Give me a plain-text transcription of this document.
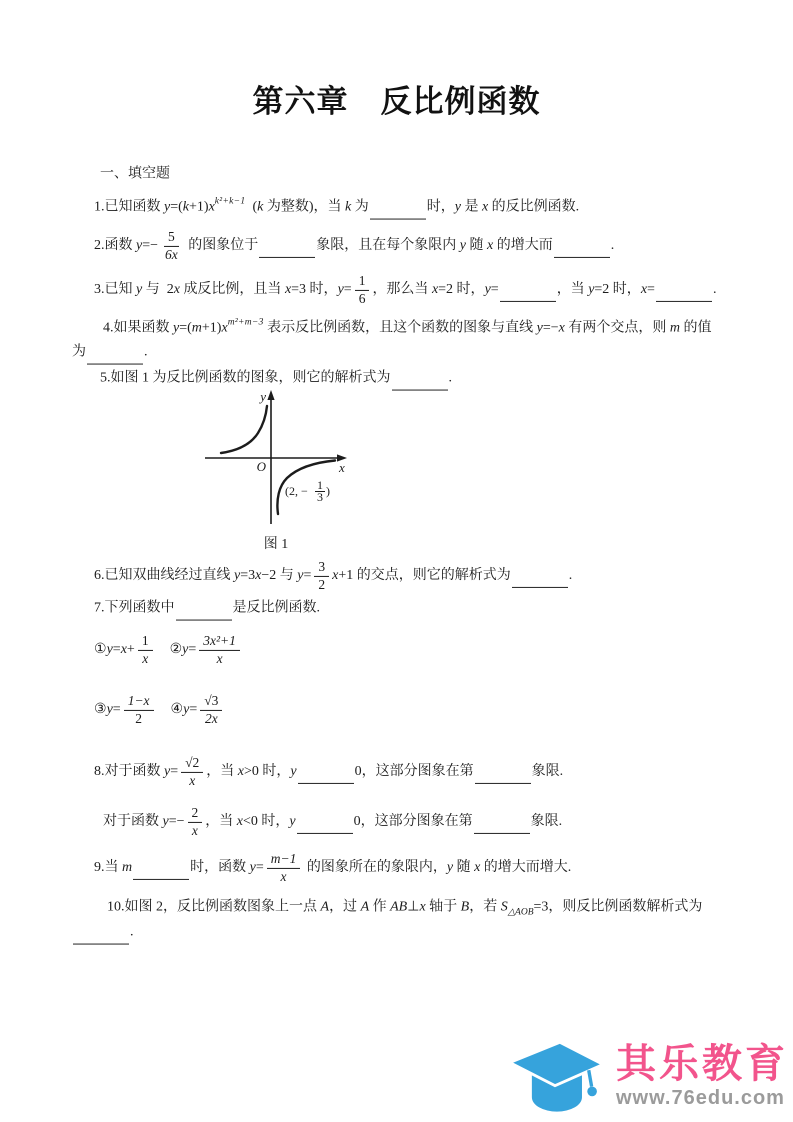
第六章　反比例函数
一、填空题
1.已知函数 y =( k +1) x k²+k−1 ( k 为整数)，当 k 为	时， y 是 x 的反比例函数.
2.函数 $y =- \frac{5}{6x}$ 的图象位于	象限，且在每个象限内 y 随 x 的增大而	.
3.已知 y 与  2 x 成反比例，且当 x =3 时， $y = \frac{1}{6}$ ，那么当 x =2 时， y =	，当 y =2 时， x =	.
4.如果函数 y =( m +1) x m²+m−3 表示反比例函数，且这个函数的图象与直线 y =− x 有两个交点，则 m 的值
为	.
5.如图 1 为反比例函数的图象，则它的解析式为	.
y
x
O
(2, − 1
3 )
图 1
6.已知双曲线经过直线 y =3 x −2 与 $y = \frac{3}{2}$ x +1 的交点，则它的解析式为	.
7.下列函数中	是反比例函数.
① $y = x + \frac{1}{x}$
　 ② $y = \frac{\text{3x²+1}}{x}$
③ $y = \frac{1-x}{2}$
　 ④ $y = \frac{√3}{2x}$
8.对于函数 $y = \frac{√2}{x}$ ，当 x >0 时， y	0，这部分图象在第	象限.
对于函数 $y =- \frac{2}{x}$ ，当 x <0 时， y	0，这部分图象在第	象限.
9.当 m	时，函数 $y = \frac{m-1}{x}$ 的图象所在的象限内， y 随 x 的增大而增大.
10.如图 2，反比例函数图象上一点 A ，过 A 作 AB ⊥ x 轴于 B ，若 S △AOB =3，则反比例函数解析式为
.
其乐教育
www.76edu.com
